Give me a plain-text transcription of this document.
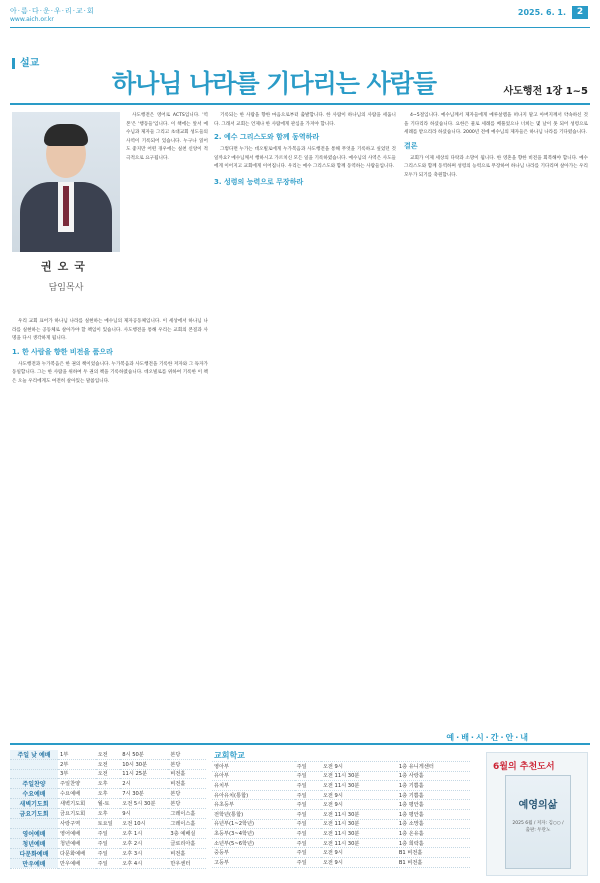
아·름·다·운·우·리·교·회
www.aich.or.kr
2025. 6. 1.	2
설교
하나님 나라를 기다리는 사람들	사도행전 1장 1~5
권오국
담임목사

사도행전은 영어로 ACTS입니다. '역본'은 '행동들'입니다. 이 책에는 앞서 예수님과 제자들 그리고 초대교회 성도들의 사역이 기록되어 있습니다. 누구나 읽어도 좋지만 어떤 경우에는 실천 신앙이 적극적으로 요구됩니다.

우리 교회 표어가 하나님 나라를 실현하는 예수님의 제자공동체입니다. 이 세상에서 하나님 나라를 실현하는 공동체로 살아가야 할 책임이 있습니다. 사도행전을 통해 우리는 교회의 본질과 사명을 다시 생각하게 됩니다.

1. 한 사람을 향한 비전을 품으라

사도행전과 누가복음은 한 권의 책이었습니다. 누가복음과 사도행전을 기록한 저자와 그 독자가 동일합니다. 그는 한 사람을 위하여 두 권의 책을 기록하였습니다. 데오빌로를 위하여 기록한 이 책은 오늘 우리에게도 여전히 살아있는 말씀입니다.

기록되는 한 사람을 향한 마음으로부터 출발합니다. 한 사람이 하나님의 사람을 세웁니다. 그래서 교회는 언제나 한 사람에게 관심을 가져야 합니다.

2. 예수 그리스도와 함께 동역하라

그렇다면 누가는 데오빌로에게 누가복음과 사도행전을 통해 무엇을 기록하고 싶었던 것일까요? 예수님께서 행하시고 가르치신 모든 일을 기록하였습니다. 예수님의 사역은 사도들에게 이어지고 교회에게 이어집니다. 우리는 예수 그리스도와 함께 동역하는 사람들입니다.

3. 성령의 능력으로 무장하라

4~5절입니다. 예수님께서 제자들에게 예루살렘을 떠나지 말고 아버지께서 약속하신 것을 기다리라 하셨습니다. 요한은 물로 세례를 베풀었으나 너희는 몇 날이 못 되어 성령으로 세례를 받으리라 하셨습니다. 2000년 전에 예수님의 제자들은 하나님 나라를 기다렸습니다.

결론

교회가 이제 세상의 다락과 소망이 됩니다. 한 영혼을 향한 비전을 회복해야 합니다. 예수 그리스도와 함께 동역하며 성령의 능력으로 무장하여 하나님 나라를 기다리며 살아가는 우리 모두가 되기를 축원합니다.

예·배·시·간·안·내
주일 낮 예배	1부	오전	8시 50분	본당
	2부	오전	10시 30분	본당
	3부	오전	11시 25분	비전홀
주일찬양	주일찬양	오후	2시	비전홀
수요예배	수요예배	오후	7시 30분	본당
새벽기도회	새벽기도회	월-토	오전 5시 30분	본당
금요기도회	금요기도회	오후	9시	그레이스홀
	사랑구역	토요일	오전 10시	그레이스홀
영어예배	영어예배	주일	오후 1시	3층 예배실
청년예배	청년예배	주일	오후 2시	글로리아홀
다문화예배	다문화예배	주일	오후 3시	비전홀
만우예배	만우예배	주일	오후 4시	만우센터
교회학교			
영아부	주일	오전 9시	1층 유니게센터
유아부	주일	오전 11시 30분	1층 사랑홀
유치부	주일	오전 11시 30분	1층 기쁨홀
유아유치(통합)	주일	오전 9시	1층 기쁨홀
유초등부	주일	오전 9시	1층 평안홀
전학년(통합)	주일	오전 11시 30분	1층 평안홀
유년부(1~2학년)	주일	오전 11시 30분	1층 소망홀
초등부(3~4학년)	주일	오전 11시 30분	1층 온유홀
소년부(5~6학년)	주일	오전 11시 30분	1층 희락홀
중등부	주일	오전 9시	B1 비전홀
고등부	주일	오전 9시	B1 비전홀
6월의 추천도서
예영의삶
2025 6월 / 저자: 김○○ / 출판: 두란노
